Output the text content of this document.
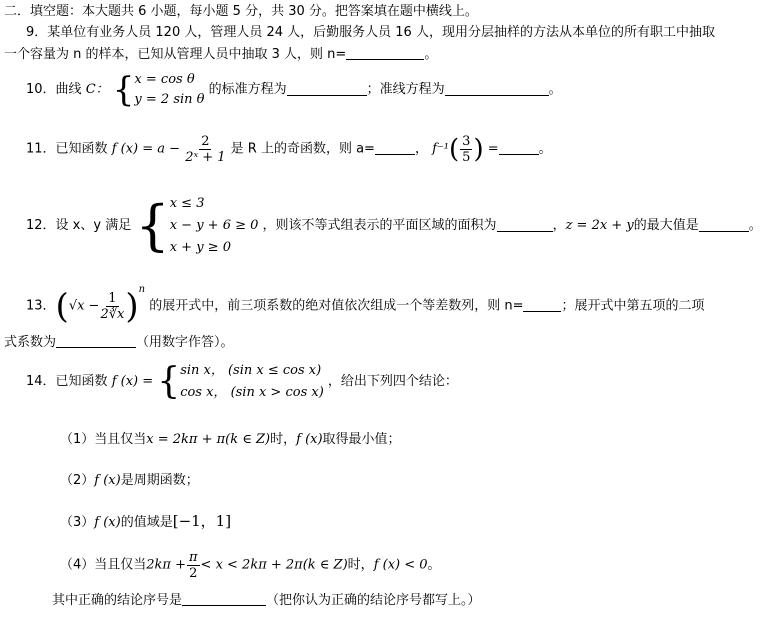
二．填空题：本大题共 6 小题，每小题 5 分，共 30 分。把答案填在题中横线上。
9．某单位有业务人员 120 人，管理人员 24 人，后勤服务人员 16 人，现用分层抽样的方法从本单位的所有职工中抽取
一个容量为 n 的样本，已知从管理人员中抽取 3 人，则 n=	。
10．曲线 C： { x = cos θ
y = 2 sin θ
的标准方程为	；准线方程为	。
11．已知函数 f $(x) = a - \frac{2}{\text{2ˣ + 1}}$ 是 R 上的奇函数，则 a=	， $f^{-1}( \frac{3}{5}$ ) =	。
12．设 x、y 满足 { x ≤ 3
x − y + 6 ≥ 0
x + y ≥ 0
，则该不等式组表示的平面区域的面积为	，z = 2x + y的最大值是	。
13．$(√x - \frac{1}{2∛x} )^n$ 的展开式中，前三项系数的绝对值依次组成一个等差数列，则 n=	；展开式中第五项的二项
式系数为	（用数字作答）。
14．已知函数 f (x) = { sin x， (sin x ≤ cos x)
cos x， (sin x > cos x)
，给出下列四个结论：
（1）当且仅当x = 2kπ + π(k ∈ Z)时，f (x)取得最小值；
（2）f (x)是周期函数；
（3）f (x)的值域是[−1，1]
（4）当且仅当$2k\pi + \frac{\pi}{2} < x < 2k\pi + 2\pi(k$ ∈ Z)时，f (x) < 0。
其中正确的结论序号是	（把你认为正确的结论序号都写上。）
